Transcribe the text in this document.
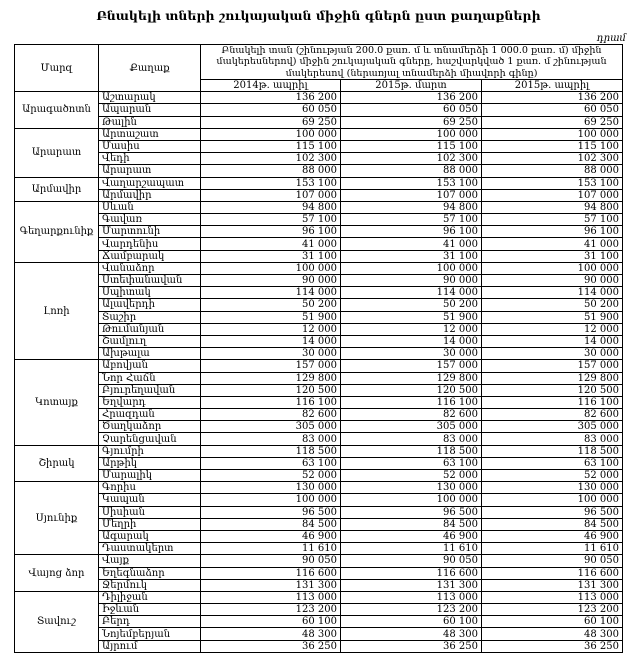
Բնակելի տների շուկայական միջին գներն ըստ քաղաքների
դրամ
Մարզ	Քաղաք	Բնակելի տան (շինության 200.0 քառ. մ և տնամերձի 1 000.0 քառ. մ) միջին մակերեսներով) միջին շուկայական գները, հաշվարկված 1 քառ. մ շինության մակերեսով (ներառյալ տնամերձի միավորի գինը)		
		2014թ. ապրիլ	2015թ. մարտ	2015թ. ապրիլ
Արագածոտն	Աշտարակ	136 200	136 200	136 200
	Ապարան	60 050	60 050	60 050
	Թալին	69 250	69 250	69 250
Արարատ	Արտաշատ	100 000	100 000	100 000
	Մասիս	115 100	115 100	115 100
	Վեդի	102 300	102 300	102 300
	Արարատ	88 000	88 000	88 000
Արմավիր	Վաղարշապատ	153 100	153 100	153 100
	Արմավիր	107 000	107 000	107 000
Գեղարքունիք	Սևան	94 800	94 800	94 800
	Գավառ	57 100	57 100	57 100
	Մարտունի	96 100	96 100	96 100
	Վարդենիս	41 000	41 000	41 000
	Ճամբարակ	31 100	31 100	31 100
Լոռի	Վանաձոր	100 000	100 000	100 000
	Ստեփանավան	90 000	90 000	90 000
	Սպիտակ	114 000	114 000	114 000
	Ալավերդի	50 200	50 200	50 200
	Տաշիր	51 900	51 900	51 900
	Թումանյան	12 000	12 000	12 000
	Շամլուղ	14 000	14 000	14 000
	Ախթալա	30 000	30 000	30 000
Կոտայք	Աբովյան	157 000	157 000	157 000
	Նոր Հաճն	129 800	129 800	129 800
	Բյուրեղավան	120 500	120 500	120 500
	Եղվարդ	116 100	116 100	116 100
	Հրազդան	82 600	82 600	82 600
	Ծաղկաձոր	305 000	305 000	305 000
	Չարենցավան	83 000	83 000	83 000
Շիրակ	Գյումրի	118 500	118 500	118 500
	Արթիկ	63 100	63 100	63 100
	Մարալիկ	52 000	52 000	52 000
Սյունիք	Գորիս	130 000	130 000	130 000
	Կապան	100 000	100 000	100 000
	Սիսիան	96 500	96 500	96 500
	Մեղրի	84 500	84 500	84 500
	Ագարակ	46 900	46 900	46 900
	Դաստակերտ	11 610	11 610	11 610
Վայոց ձոր	Վայք	90 050	90 050	90 050
	Եղեգնաձոր	116 600	116 600	116 600
	Ջերմուկ	131 300	131 300	131 300
Տավուշ	Դիլիջան	113 000	113 000	113 000
	Իջևան	123 200	123 200	123 200
	Բերդ	60 100	60 100	60 100
	Նոյեմբերյան	48 300	48 300	48 300
	Այրում	36 250	36 250	36 250
